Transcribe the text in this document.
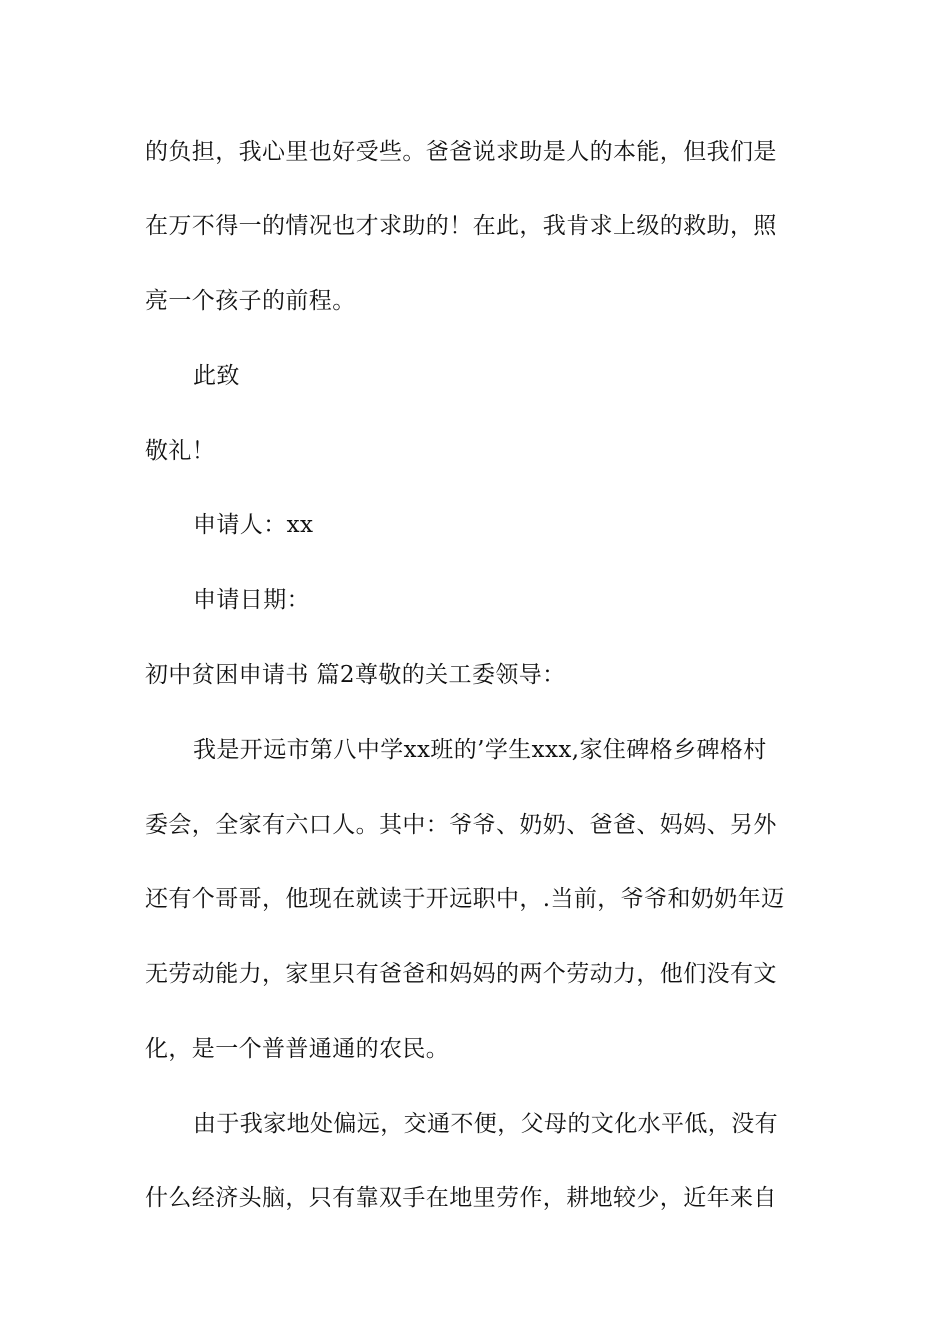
的负担，我心里也好受些。爸爸说求助是人的本能，但我们是
在万不得一的情况也才求助的！在此，我肯求上级的救助，照
亮一个孩子的前程。
此致
敬礼！
申请人：xx
申请日期：
初中贫困申请书 篇2尊敬的关工委领导：
我是开远市第八中学xx班的’学生xxx,家住碑格乡碑格村
委会，全家有六口人。其中：爷爷、奶奶、爸爸、妈妈、另外
还有个哥哥，他现在就读于开远职中，.当前，爷爷和奶奶年迈
无劳动能力，家里只有爸爸和妈妈的两个劳动力，他们没有文
化，是一个普普通通的农民。
由于我家地处偏远，交通不便，父母的文化水平低，没有
什么经济头脑，只有靠双手在地里劳作，耕地较少，近年来自
